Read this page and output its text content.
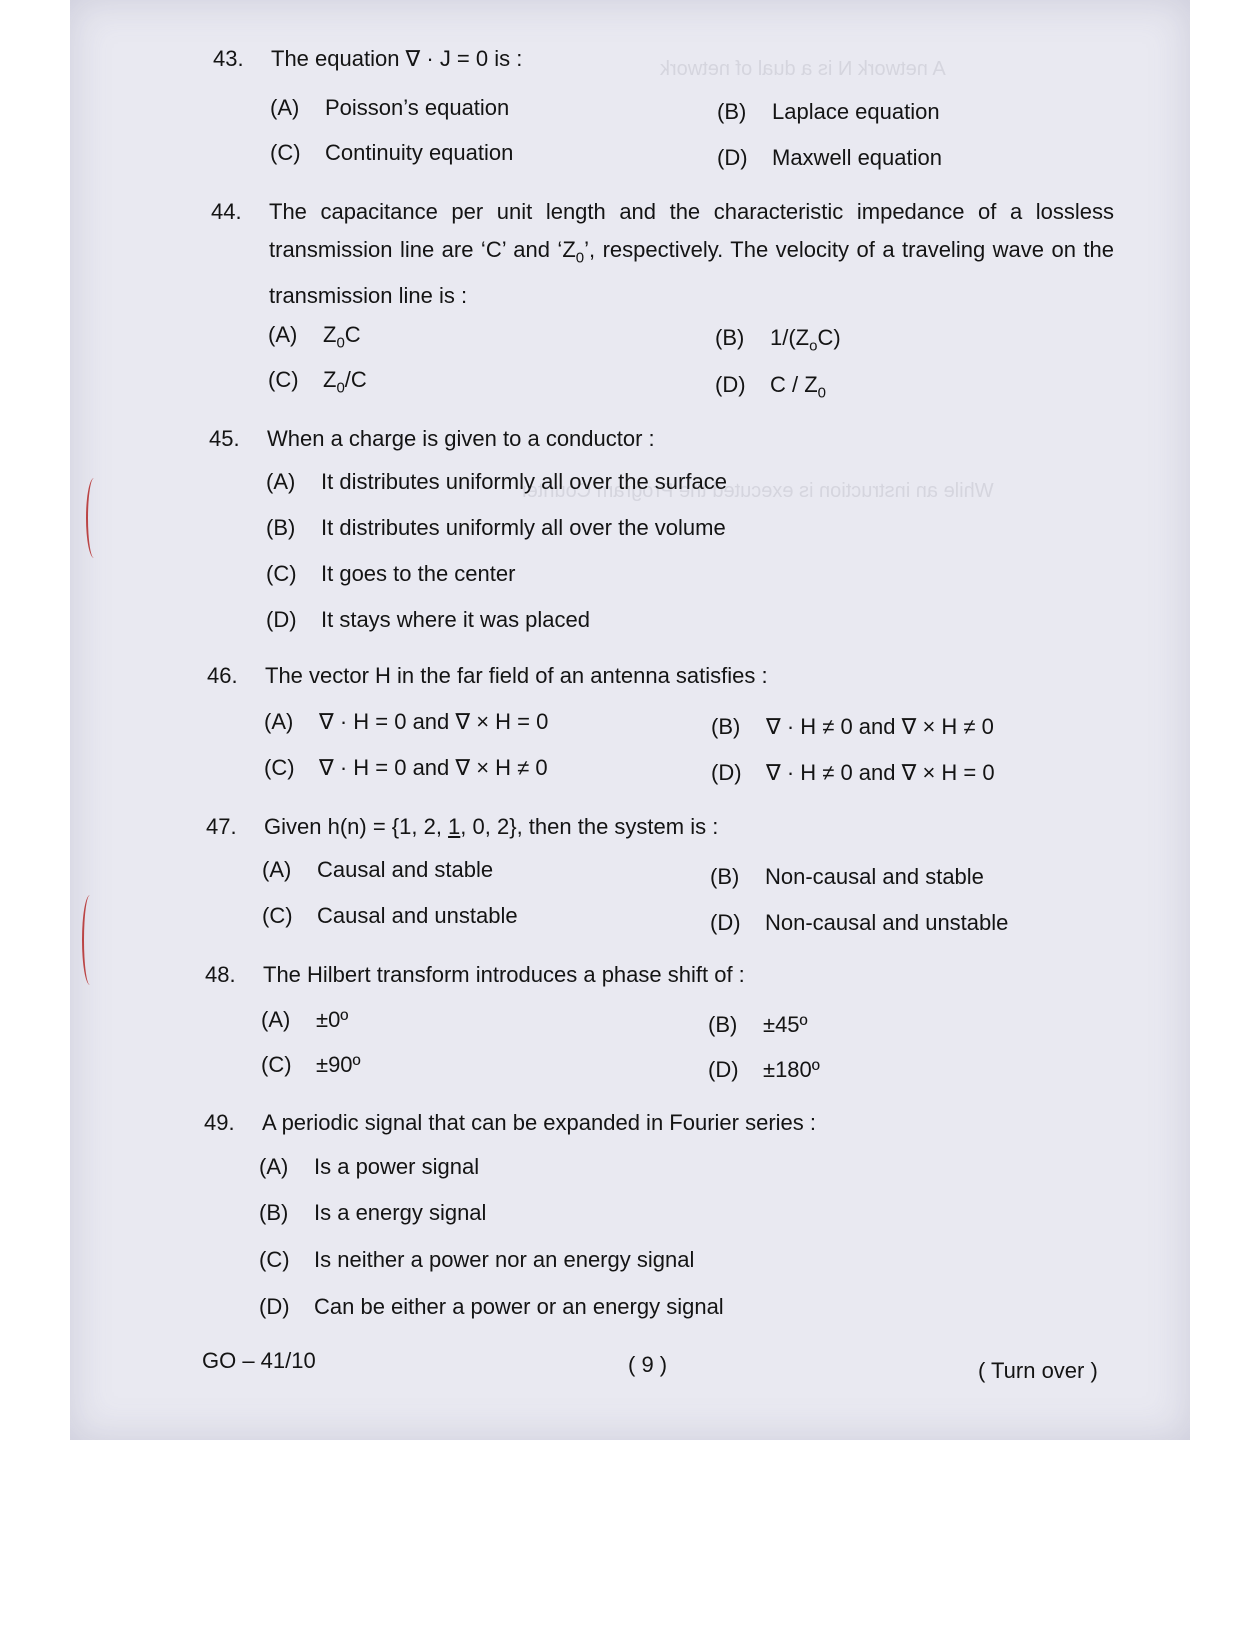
A network N is a dual of network
While an instruction is executed the Program Counter
43.	The equation ∇ · J = 0 is :
(A) Poisson’s equation	(B) Laplace equation
(C) Continuity equation	(D) Maxwell equation
44.	The capacitance per unit length and the characteristic impedance of a lossless transmission line are ‘C’ and ‘$Z_0$’, respectively. The velocity of a traveling wave on the transmission line is :
(A) $Z_0C$	(B) $1/(Z_oC)$
(C) $Z_0/C$	(D) C / $Z_0$
45.	When a charge is given to a conductor :
(A) It distributes uniformly all over the surface
(B) It distributes uniformly all over the volume
(C) It goes to the center
(D) It stays where it was placed
46.	The vector H in the far field of an antenna satisfies :
(A) ∇ · H = 0 and ∇ × H = 0	(B) ∇ · H ≠ 0 and ∇ × H ≠ 0
(C) ∇ · H = 0 and ∇ × H ≠ 0	(D) ∇ · H ≠ 0 and ∇ × H = 0
47.	Given h(n) = {1, 2, 1, 0, 2}, then the system is :
(A) Causal and stable	(B) Non-causal and stable
(C) Causal and unstable	(D) Non-causal and unstable
48.	The Hilbert transform introduces a phase shift of :
(A) ±0º	(B) ±45º
(C) ±90º	(D) ±180º
49.	A periodic signal that can be expanded in Fourier series :
(A) Is a power signal
(B) Is a energy signal
(C) Is neither a power nor an energy signal
(D) Can be either a power or an energy signal
GO – 41/10	( 9 )	( Turn over )
